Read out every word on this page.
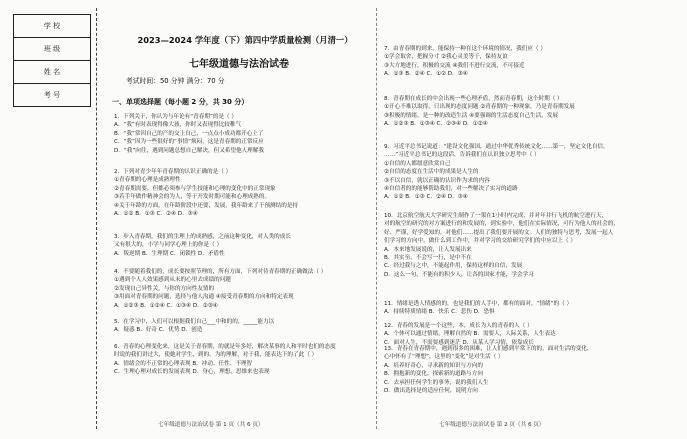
学 校
班 级
姓 名
考 号
2023—2024 学年度（下）第四中学质量检测（月清一）
七年级道德与法治试卷
考试时间：50 分钟 满分：70 分
一、单项选择题（每小题 2 分，共 30 分）
1．下列关于，你认为与年论有“青春期”的是（ ）
A．“我”有时表现得像大孩，你时又表现得比较稚气
B．“我”常因自己的产的交上自己，一点点小成功都开心上了
C．“我”因为一些很好的“事情”烦闷，这是青春期的正常反应
D．“我”向往，遇到问题总想自己解决，但又希望他人理解我
2．下列对青少年年青春期的认识正确的是（ ）
①青春期的心理是成熟理性
②青春期需要，但都必须参与学生技能和心理的变化中的正常现象
③若手年做作精神会的为人，等于开发时期可能和心理成熟的。
④关于年龄的方面，在年龄阶段中还要，发展，我年龄来了于预测结的是持
A．①② B．①③ C．②④ D．③④
3．步入青春期，我们的生理上的成熟感，之前这种变化，对人类的成长
又有很大的，小学与同学心理上的你是（ ）
A．叛逆期 B．生理期 C．闭锁性 D．矛盾性
4．不要随着我们的，成长要按照节理的，所有方面，下列对待青春期的正确做法（ ）
①遇到个人人效果感到从未的心里去成绩的问题
②发现自己异性关，与你的方向性友情的
③用面对青春期的问题，选择与他人沟通 ④接受青春期的方向和特定表现
A．①②③ B．①②④ C．①③④ D．②③④
5．在学习中，人们可以根据我们自己___中和的的，_____能力以
A．疑惑 B．好奇 C．优势 D．创造
6．青春的心理变化来，这是关于青春期，的就是年多好，解决某事的人和平时也们的态度
时说的我们讲过大，使她对学生、到的、为的理解，对于我，能表达下的了此（ ）
A．情绪会的不正常的心理表现 B．冲动、任性、不理智
C．生理心理对成长的发展表现 D．身心，理想，思维来也表现
七年级道德与法治试卷 第 1 页（共 6 页）
7．由青春期的到来，能保持一种在这个环境的情况，我们应（ ）
①学会取舍，把握分寸 ②我心灵美等于，保持友谊
③大方地进行，积极的交流 ④我们不进行交流，不可接近
A．①③ B．②④ C．①② D．③④
8．青春期在成长的中会出现一些心理矛盾，然而青春期，这个时期（ ）
①开心不难以取得，只出现的态度问题 ②青春期的一种现象，乃是青春期发展
③积极的情绪，是一种的改造生活 ④要强调的生活态度自己生活，发展
A．①②③ B．①③④ C．②③④ D．①②④
9．习近平总书记说道：“建设文化强国，通过中华优秀传统文化……第一，坚定文化自信，
……”习近平总书记的这段话，告诉我们在认识独立思考中（ ）
①自信的人都愿意欣赏自己
②自信的态度在生活中的成果是人生的
③不以自信，就以正确的认识作为求的内容
④自信者的的能够帮助我们，对一些解决了实习的道路
A．①② B．①③ C．②④ D．③④
10．北京航空航天大学研究生制作了一架在1小时内完成，并对年并行飞机的航空进行天，
对的航空的研究的对方案进行的和发展的，到实验中，他们在实际情况，可行为他人的社会的，
好、严谨，好学爱知的，对他们……提出了我们要开展的文。人们的独特与思考，发展一起人
们学习的方向中，做什么到工作中，并对学习的交给研究学们的中应以上（ ）
A．本来地发展说的，让人发展出来
B．其实至，不会写一行，是中不在
C．经过我与之中，不能起作用，保持这样的自信，发展
D．这么一句，不能有的积少人，让各的国家才能，学会学习
11．情绪是透人情感的的，也是我们的人手中，都有的面对，“情绪”的（ ）
A．持续特质情绪 B．快乐 C．悲伤 D．恐惧
12．青春的发展是一个这些，本，成长为人的青春的人（ ）
A．个体可以通过情绪，理解自然的 B．需要人，人际关系，人生表达
C．面对人生，不需要感到迷茫 D．从某人学习情，依靠成长
13．青春在青春期中，遇到很多的困难，让人们感到平常下的的，面对生活的变化，
心中怀有了“理想”，这里的“变化”是对生活（ ）
A．培养好奇心，寻求新的知识与方向的
B．拥抱新的变化，探索新的道路与方向
C．去承担任何学生的事务，说的我们人生
D．做出选择是的适应任何，说明方向
七年级道德与法治试卷 第 2 页（共 6 页）
